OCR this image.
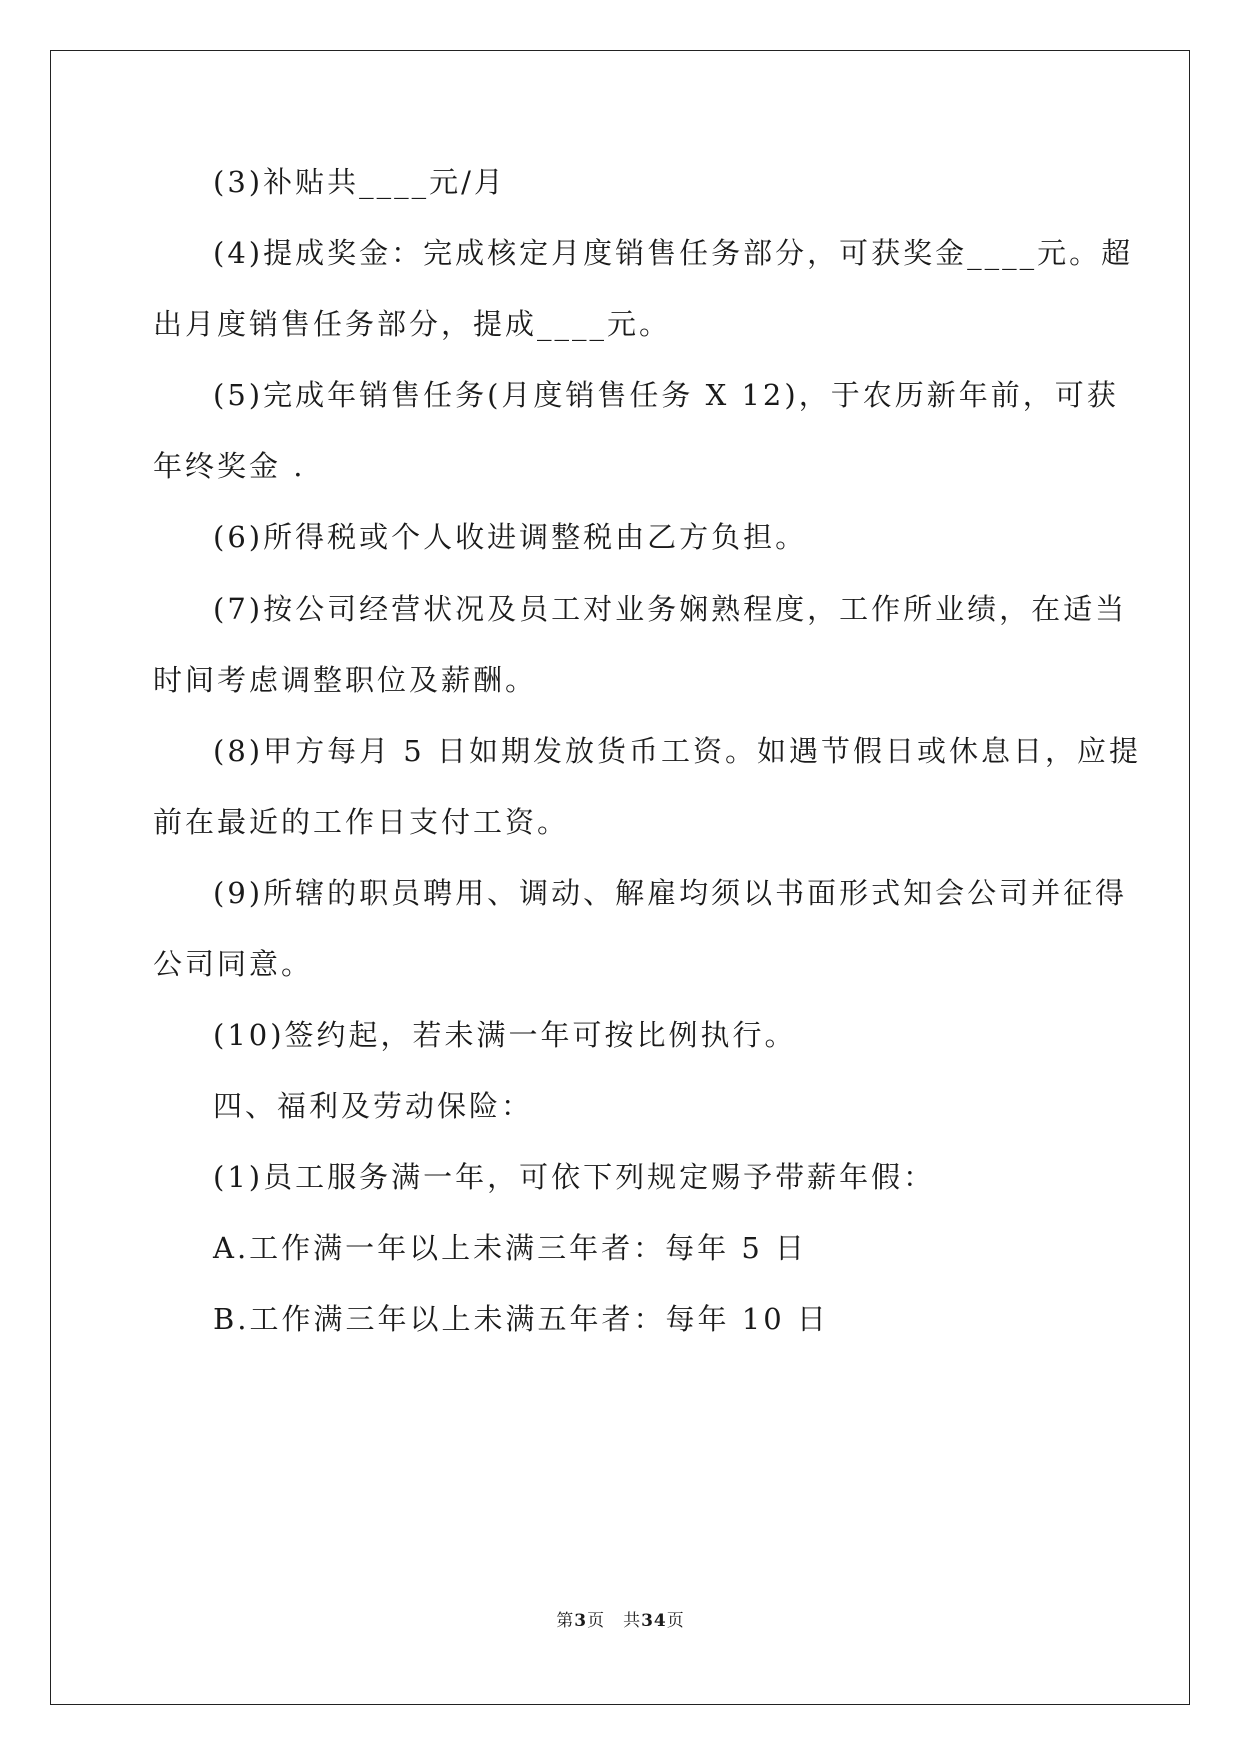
(3)补贴共____元/月
(4)提成奖金：完成核定月度销售任务部分，可获奖金____元。超
出月度销售任务部分，提成____元。
(5)完成年销售任务(月度销售任务 X 12)，于农历新年前，可获
年终奖金 .
(6)所得税或个人收进调整税由乙方负担。
(7)按公司经营状况及员工对业务娴熟程度，工作所业绩，在适当
时间考虑调整职位及薪酬。
(8)甲方每月 5 日如期发放货币工资。如遇节假日或休息日，应提
前在最近的工作日支付工资。
(9)所辖的职员聘用、调动、解雇均须以书面形式知会公司并征得
公司同意。
(10)签约起，若未满一年可按比例执行。
四、福利及劳动保险：
(1)员工服务满一年，可依下列规定赐予带薪年假：
A.工作满一年以上未满三年者：每年 5 日
B.工作满三年以上未满五年者：每年 10 日
第3页 共34页
